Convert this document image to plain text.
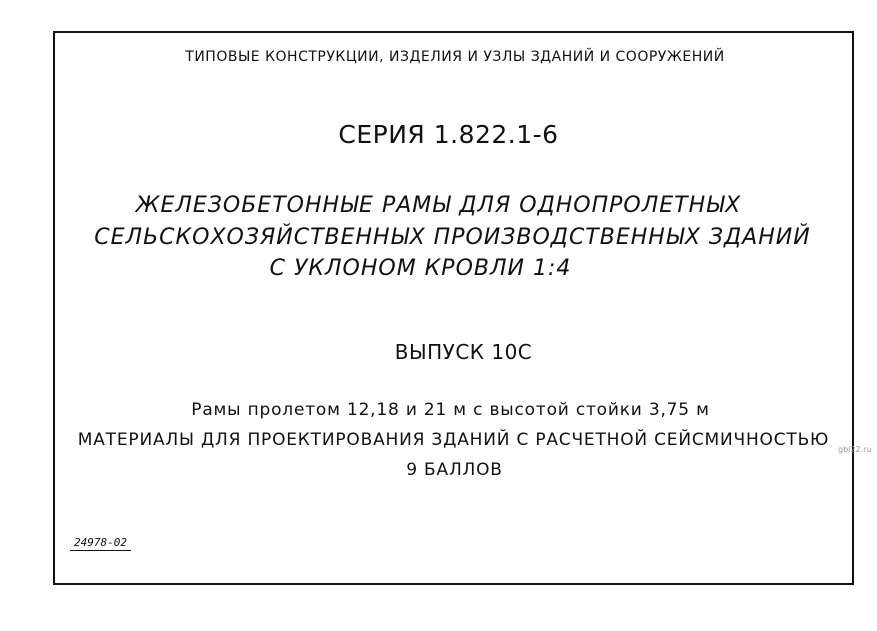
ТИПОВЫЕ КОНСТРУКЦИИ, ИЗДЕЛИЯ И УЗЛЫ ЗДАНИЙ И СООРУЖЕНИЙ
СЕРИЯ 1.822.1-6
ЖЕЛЕЗОБЕТОННЫЕ РАМЫ ДЛЯ ОДНОПРОЛЕТНЫХ
СЕЛЬСКОХОЗЯЙСТВЕННЫХ ПРОИЗВОДСТВЕННЫХ ЗДАНИЙ
С УКЛОНОМ КРОВЛИ 1:4
ВЫПУСК 10С
Рамы пролетом 12,18 и 21 м с высотой стойки 3,75 м
МАТЕРИАЛЫ ДЛЯ ПРОЕКТИРОВАНИЯ ЗДАНИЙ С РАСЧЕТНОЙ СЕЙСМИЧНОСТЬЮ
9 БАЛЛОВ
24978-02
gbi22.ru
